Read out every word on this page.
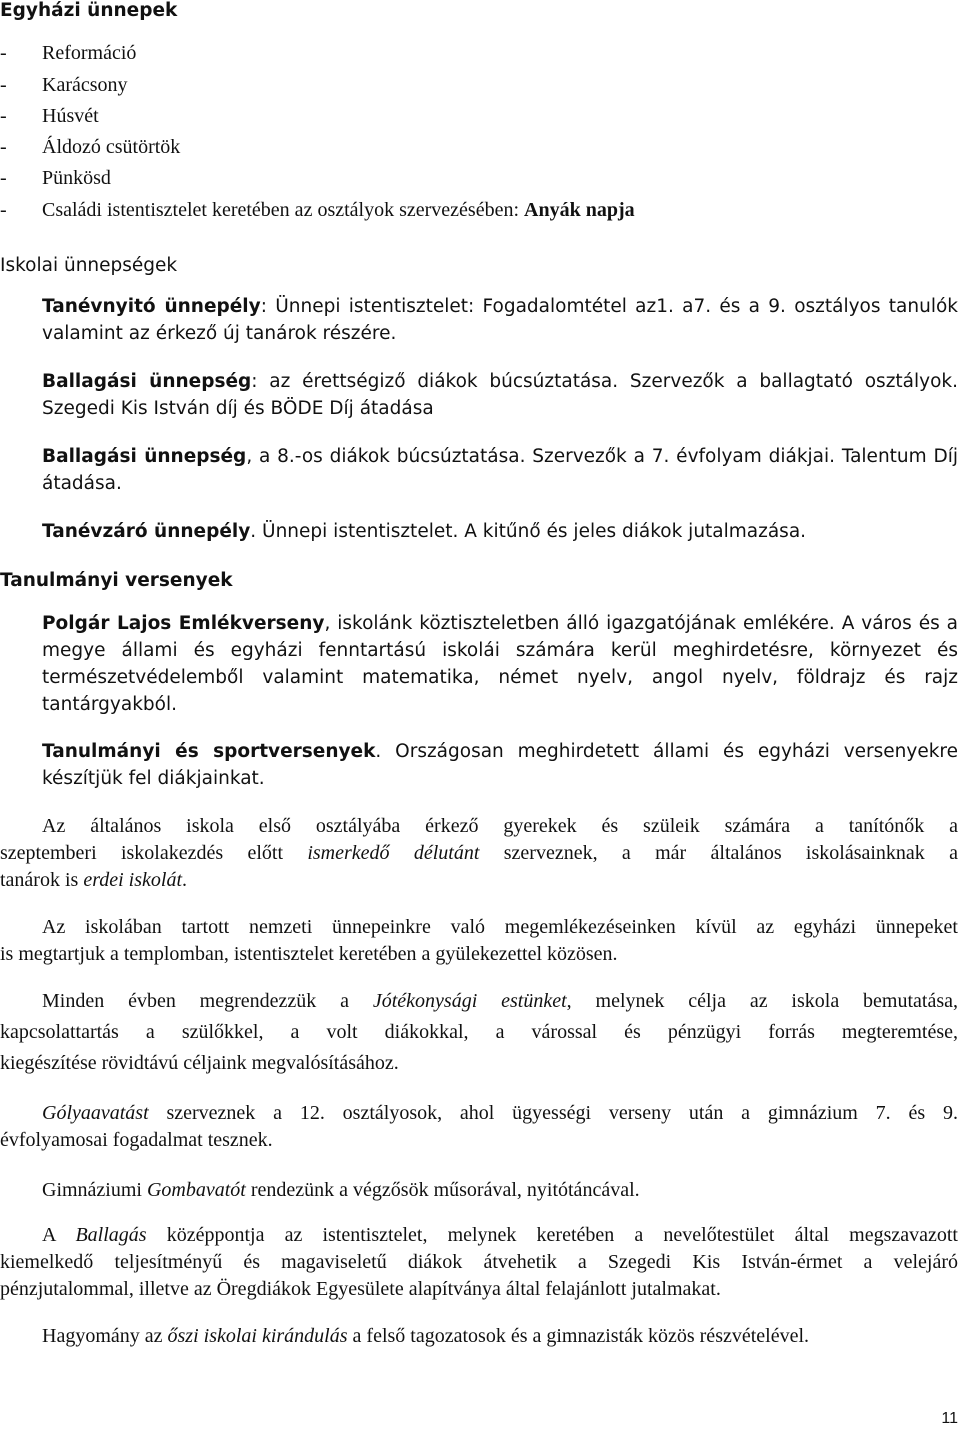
Egyházi ünnepek
- Reformáció
- Karácsony
- Húsvét
- Áldozó csütörtök
- Pünkösd
- Családi istentisztelet keretében az osztályok szervezésében: Anyák napja
Iskolai ünnepségek
Tanévnyitó ünnepély: Ünnepi istentisztelet: Fogadalomtétel az1. a7. és a 9. osztályos tanulók
valamint az érkező új tanárok részére.
Ballagási ünnepség: az érettségiző diákok búcsúztatása. Szervezők a ballagtató osztályok.
Szegedi Kis István díj és BÖDE Díj átadása
Ballagási ünnepség, a 8.-os diákok búcsúztatása. Szervezők a 7. évfolyam diákjai. Talentum Díj
átadása.
Tanévzáró ünnepély. Ünnepi istentisztelet. A kitűnő és jeles diákok jutalmazása.
Tanulmányi versenyek
Polgár Lajos Emlékverseny, iskolánk köztiszteletben álló igazgatójának emlékére. A város és a
megye állami és egyházi fenntartású iskolái számára kerül meghirdetésre, környezet és
természetvédelemből valamint matematika, német nyelv, angol nyelv, földrajz és rajz
tantárgyakból.
Tanulmányi és sportversenyek. Országosan meghirdetett állami és egyházi versenyekre
készítjük fel diákjainkat.
Az általános iskola első osztályába érkező gyerekek és szüleik számára a tanítónők a
szeptemberi iskolakezdés előtt ismerkedő délutánt szerveznek, a már általános iskolásainknak a
tanárok is erdei iskolát.
Az iskolában tartott nemzeti ünnepeinkre való megemlékezéseinken kívül az egyházi ünnepeket
is megtartjuk a templomban, istentisztelet keretében a gyülekezettel közösen.
Minden évben megrendezzük a Jótékonysági estünket, melynek célja az iskola bemutatása,
kapcsolattartás a szülőkkel, a volt diákokkal, a várossal és pénzügyi forrás megteremtése,
kiegészítése rövidtávú céljaink megvalósításához.
Gólyaavatást szerveznek a 12. osztályosok, ahol ügyességi verseny után a gimnázium 7. és 9.
évfolyamosai fogadalmat tesznek.
Gimnáziumi Gombavatót rendezünk a végzősök műsorával, nyitótáncával.
A Ballagás középpontja az istentisztelet, melynek keretében a nevelőtestület által megszavazott
kiemelkedő teljesítményű és magaviseletű diákok átvehetik a Szegedi Kis István-érmet a velejáró
pénzjutalommal, illetve az Öregdiákok Egyesülete alapítványa által felajánlott jutalmakat.
Hagyomány az őszi iskolai kirándulás a felső tagozatosok és a gimnazisták közös részvételével.
11
